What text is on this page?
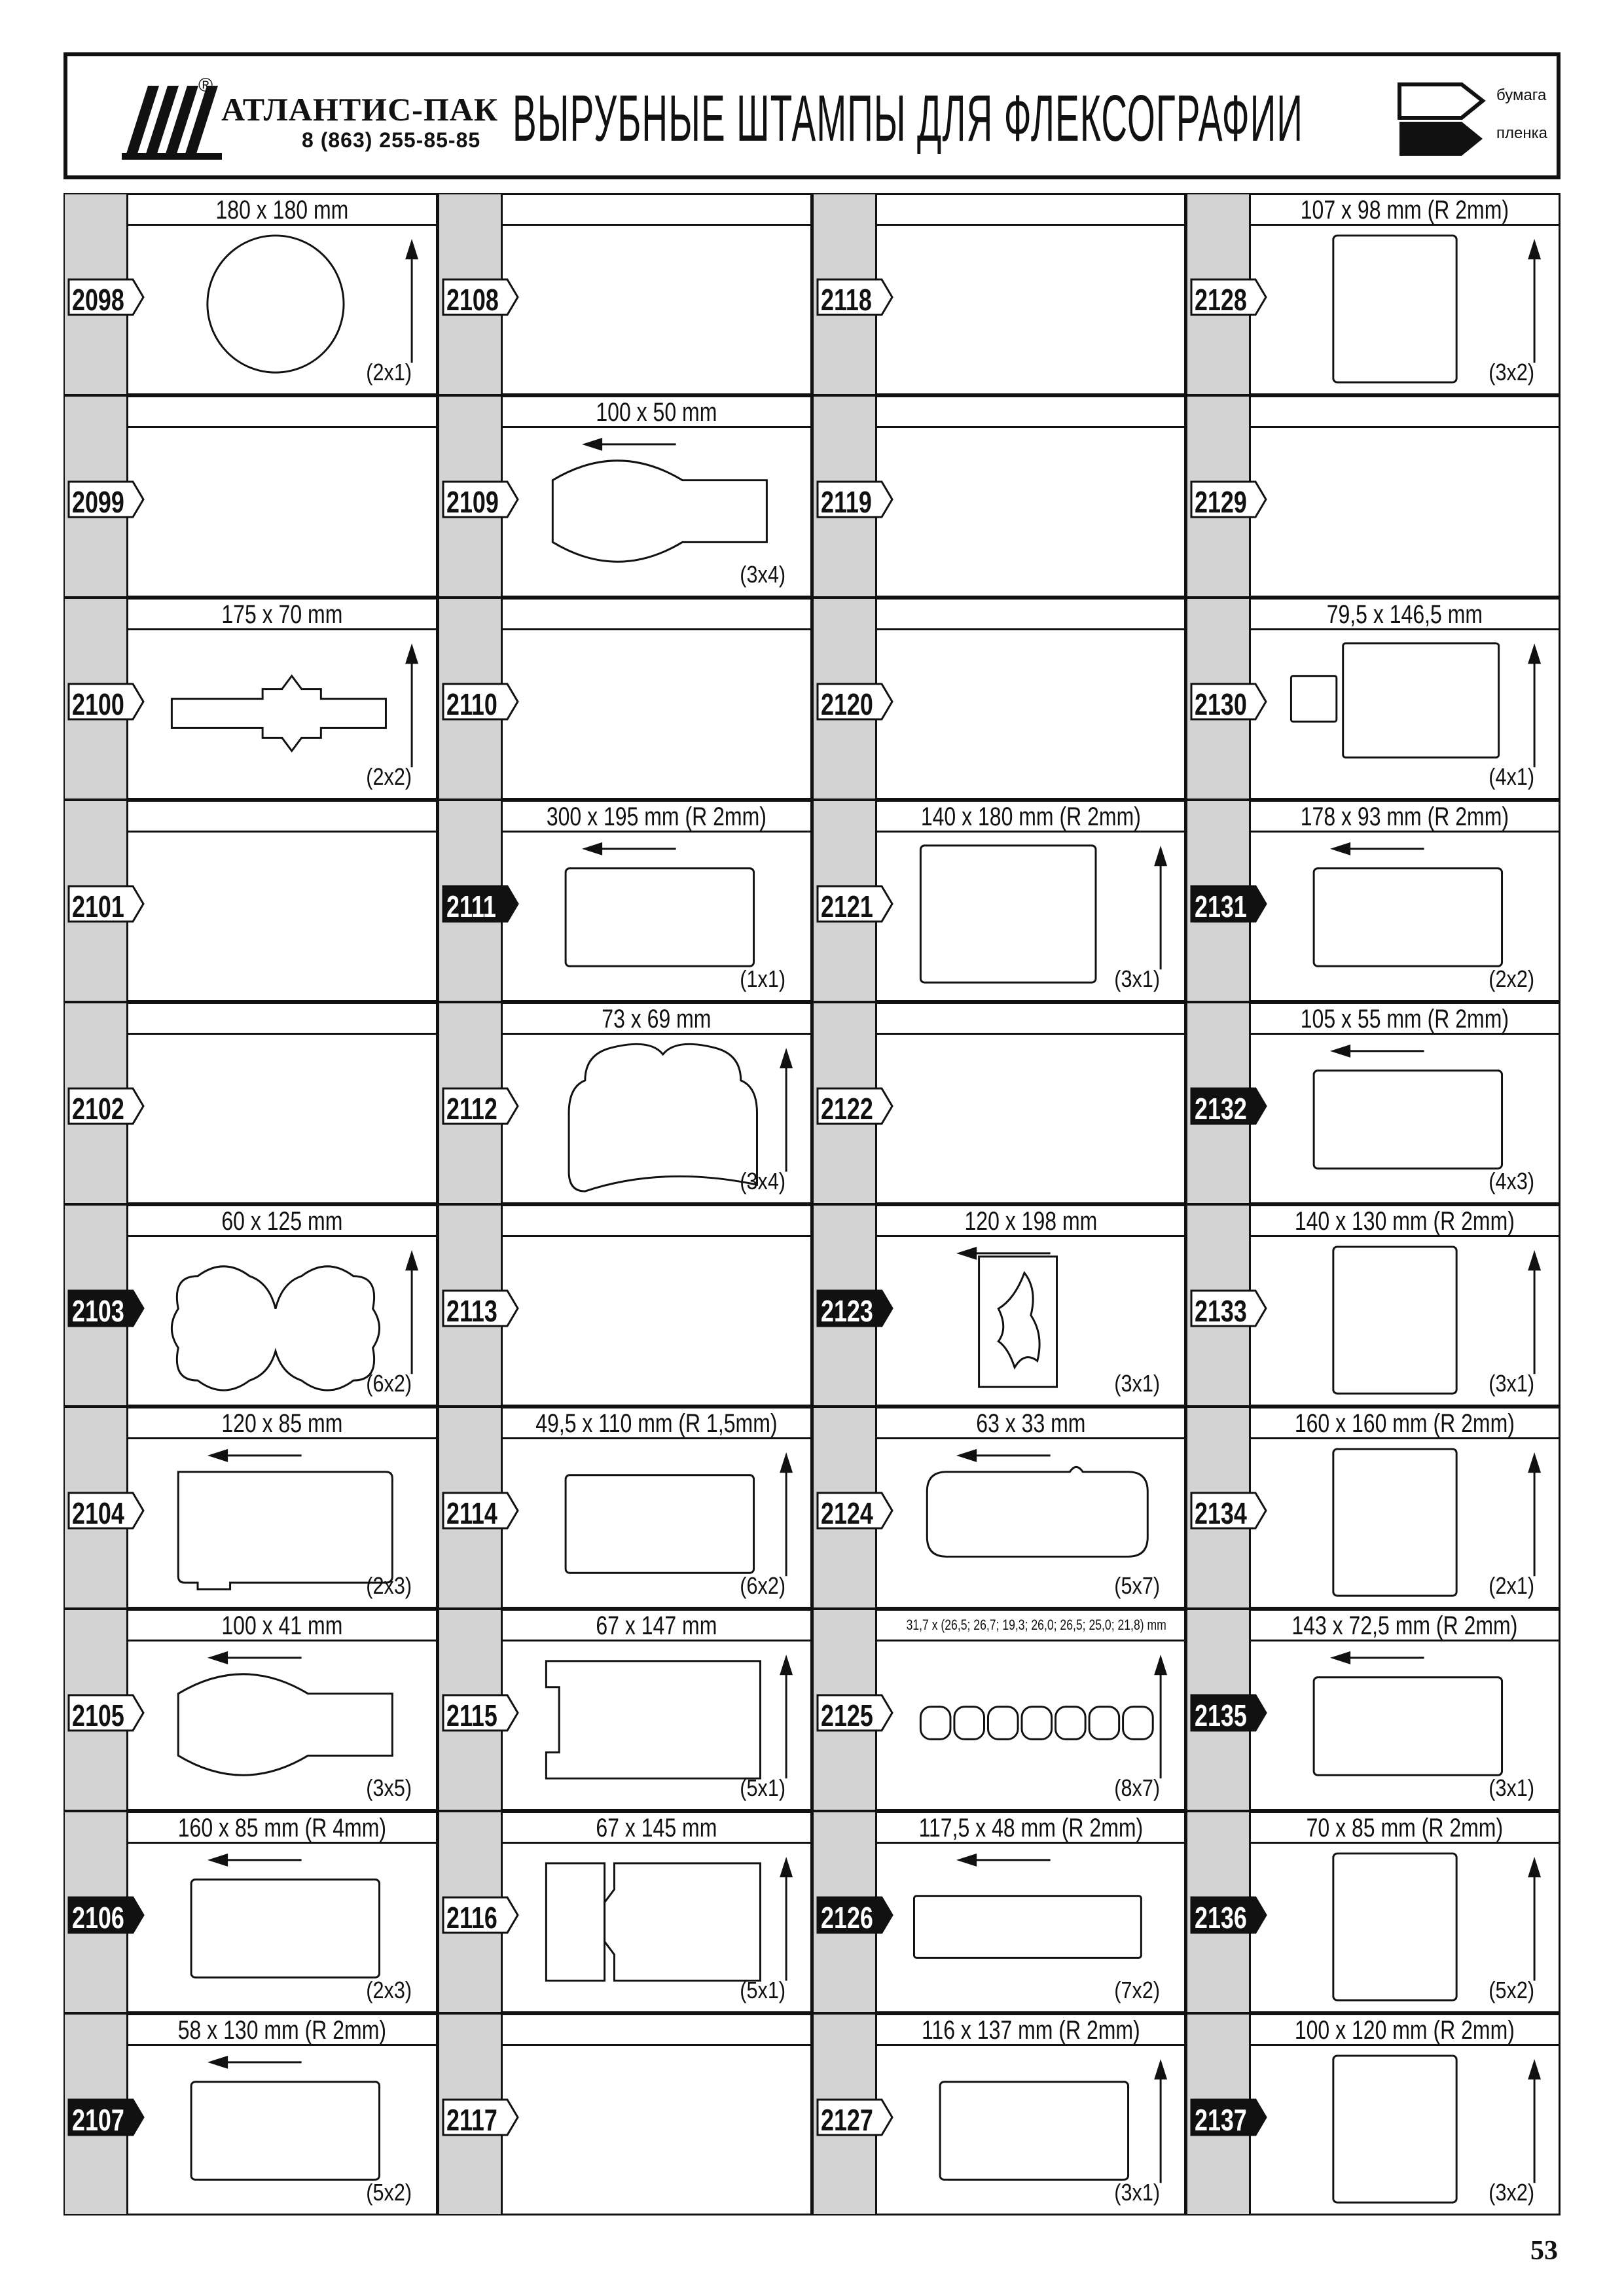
®
АТЛАНТИС-ПАК
8 (863) 255-85-85 ВЫРУБНЫЕ ШТАМПЫ ДЛЯ ФЛЕКСОГРАФИИ	бумага
пленка
180 x 180 mm
2098
(2x1)
2099
175 x 70 mm
2100
(2x2)
2101
2102
60 x 125 mm
2103
(6x2)
120 x 85 mm
2104
(2x3)
100 x 41 mm
2105
(3x5)
160 x 85 mm (R 4mm)
2106
(2x3)
58 x 130 mm (R 2mm)
2107
(5x2)
2108
100 x 50 mm
2109
(3x4)
2110
300 x 195 mm (R 2mm)
2111
(1x1)
73 x 69 mm
2112
(3x4)
2113
49,5 x 110 mm (R 1,5mm)
2114
(6x2)
67 x 147 mm
2115
(5x1)
67 x 145 mm
2116
(5x1)
2117
2118
2119
2120
140 x 180 mm (R 2mm)
2121
(3x1)
2122
120 x 198 mm
2123
(3x1)
63 x 33 mm
2124
(5x7)
31,7 x (26,5; 26,7; 19,3; 26,0; 26,5; 25,0; 21,8) mm
2125
(8x7)
117,5 x 48 mm (R 2mm)
2126
(7x2)
116 x 137 mm (R 2mm)
2127
(3x1)
107 x 98 mm (R 2mm)
2128
(3x2)
2129
79,5 x 146,5 mm
2130
(4x1)
178 x 93 mm (R 2mm)
2131
(2x2)
105 x 55 mm (R 2mm)
2132
(4x3)
140 x 130 mm (R 2mm)
2133
(3x1)
160 x 160 mm (R 2mm)
2134
(2x1)
143 x 72,5 mm (R 2mm)
2135
(3x1)
70 x 85 mm (R 2mm)
2136
(5x2)
100 x 120 mm (R 2mm)
2137
(3x2)
53
